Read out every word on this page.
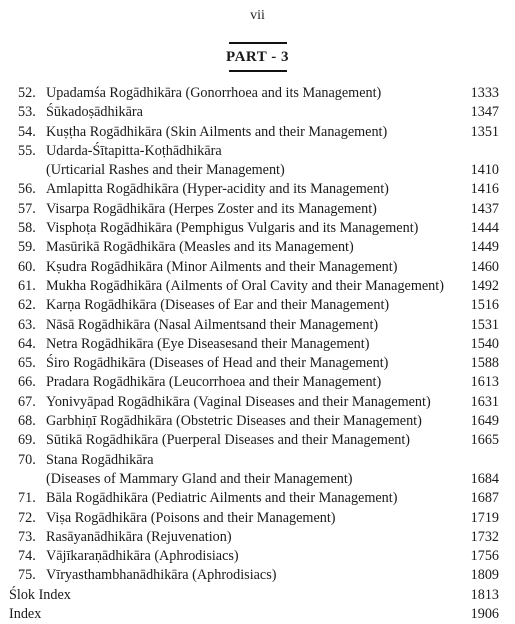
vii
PART - 3
52. Upadamśa Rogādhikāra (Gonorrhoea and its Management)	1333
53. Śūkadoṣādhikāra	1347
54. Kuṣṭha Rogādhikāra (Skin Ailments and their Management)	1351
55. Udarda-Śītapitta-Koṭhādhikāra
(Urticarial Rashes and their Management)	1410
56. Amlapitta Rogādhikāra (Hyper-acidity and its Management)	1416
57. Visarpa Rogādhikāra (Herpes Zoster and its Management)	1437
58. Visphoṭa Rogādhikāra (Pemphigus Vulgaris and its Management)	1444
59. Masūrikā Rogādhikāra (Measles and its Management)	1449
60. Kṣudra Rogādhikāra (Minor Ailments and their Management)	1460
61. Mukha Rogādhikāra (Ailments of Oral Cavity and their Management)	1492
62. Karṇa Rogādhikāra (Diseases of Ear and their Management)	1516
63. Nāsā Rogādhikāra (Nasal Ailmentsand their Management)	1531
64. Netra Rogādhikāra (Eye Diseasesand their Management)	1540
65. Śiro Rogādhikāra (Diseases of Head and their Management)	1588
66. Pradara Rogādhikāra (Leucorrhoea and their Management)	1613
67. Yonivyāpad Rogādhikāra (Vaginal Diseases and their Management)	1631
68. Garbhiṇī Rogādhikāra (Obstetric Diseases and their Management)	1649
69. Sūtikā Rogādhikāra (Puerperal Diseases and their Management)	1665
70. Stana Rogādhikāra
(Diseases of Mammary Gland and their Management)	1684
71. Bāla Rogādhikāra (Pediatric Ailments and their Management)	1687
72. Viṣa Rogādhikāra (Poisons and their Management)	1719
73. Rasāyanādhikāra (Rejuvenation)	1732
74. Vājīkaraṇādhikāra (Aphrodisiacs)	1756
75. Vīryasthambhanādhikāra (Aphrodisiacs)	1809
Ślok Index	1813
Index	1906
